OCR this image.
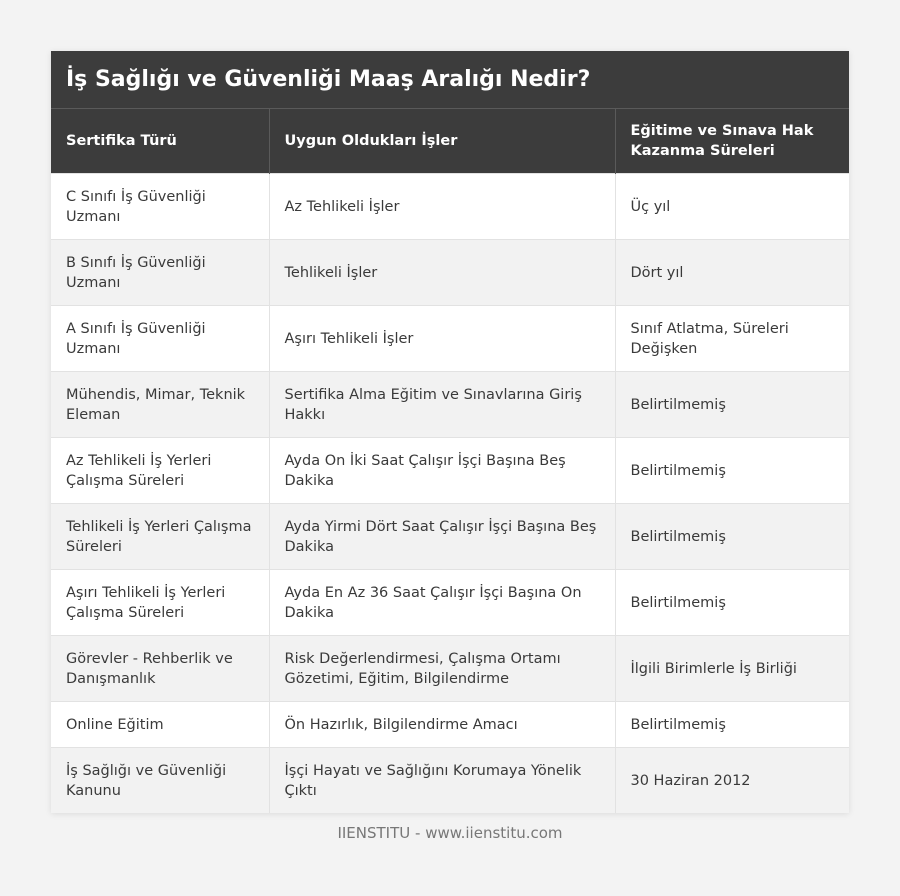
İş Sağlığı ve Güvenliği Maaş Aralığı Nedir?
Sertifika Türü	Uygun Oldukları İşler	Eğitime ve Sınava Hak Kazanma Süreleri
C Sınıfı İş Güvenliği Uzmanı	Az Tehlikeli İşler	Üç yıl
B Sınıfı İş Güvenliği Uzmanı	Tehlikeli İşler	Dört yıl
A Sınıfı İş Güvenliği Uzmanı	Aşırı Tehlikeli İşler	Sınıf Atlatma, Süreleri Değişken
Mühendis, Mimar, Teknik Eleman	Sertifika Alma Eğitim ve Sınavlarına Giriş Hakkı	Belirtilmemiş
Az Tehlikeli İş Yerleri Çalışma Süreleri	Ayda On İki Saat Çalışır İşçi Başına Beş Dakika	Belirtilmemiş
Tehlikeli İş Yerleri Çalışma Süreleri	Ayda Yirmi Dört Saat Çalışır İşçi Başına Beş Dakika	Belirtilmemiş
Aşırı Tehlikeli İş Yerleri Çalışma Süreleri	Ayda En Az 36 Saat Çalışır İşçi Başına On Dakika	Belirtilmemiş
Görevler - Rehberlik ve Danışmanlık	Risk Değerlendirmesi, Çalışma Ortamı Gözetimi, Eğitim, Bilgilendirme	İlgili Birimlerle İş Birliği
Online Eğitim	Ön Hazırlık, Bilgilendirme Amacı	Belirtilmemiş
İş Sağlığı ve Güvenliği Kanunu	İşçi Hayatı ve Sağlığını Korumaya Yönelik Çıktı	30 Haziran 2012
IIENSTITU - www.iienstitu.com
